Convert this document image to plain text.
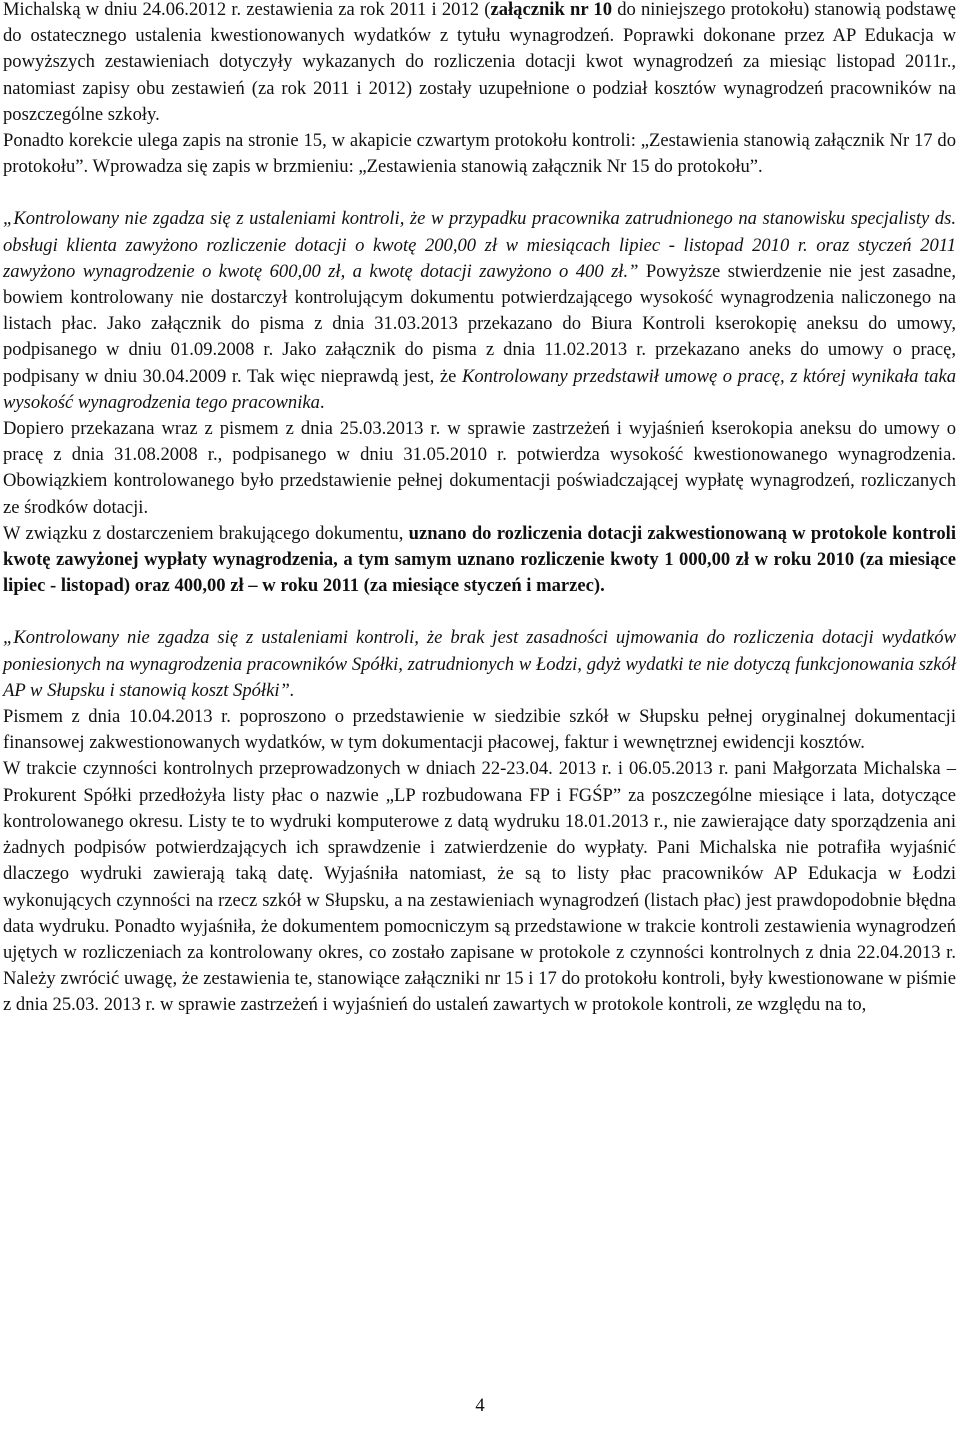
Michalską w dniu 24.06.2012 r. zestawienia za rok 2011 i 2012 (załącznik nr 10 do niniejszego protokołu) stanowią podstawę do ostatecznego ustalenia kwestionowanych wydatków z tytułu wynagrodzeń. Poprawki dokonane przez AP Edukacja w powyższych zestawieniach dotyczyły wykazanych do rozliczenia dotacji kwot wynagrodzeń za miesiąc listopad 2011r., natomiast zapisy obu zestawień (za rok 2011 i 2012) zostały uzupełnione o podział kosztów wynagrodzeń pracowników na poszczególne szkoły.

Ponadto korekcie ulega zapis na stronie 15, w akapicie czwartym protokołu kontroli: „Zestawienia stanowią załącznik Nr 17 do protokołu”. Wprowadza się zapis w brzmieniu: „Zestawienia stanowią załącznik Nr 15 do protokołu”.

„Kontrolowany nie zgadza się z ustaleniami kontroli, że w przypadku pracownika zatrudnionego na stanowisku specjalisty ds. obsługi klienta zawyżono rozliczenie dotacji o kwotę 200,00 zł w miesiącach lipiec - listopad 2010 r. oraz styczeń 2011 zawyżono wynagrodzenie o kwotę 600,00 zł, a kwotę dotacji zawyżono o 400 zł.” Powyższe stwierdzenie nie jest zasadne, bowiem kontrolowany nie dostarczył kontrolującym dokumentu potwierdzającego wysokość wynagrodzenia naliczonego na listach płac. Jako załącznik do pisma z dnia 31.03.2013 przekazano do Biura Kontroli kserokopię aneksu do umowy, podpisanego w dniu 01.09.2008 r. Jako załącznik do pisma z dnia 11.02.2013 r. przekazano aneks do umowy o pracę, podpisany w dniu 30.04.2009 r. Tak więc nieprawdą jest, że Kontrolowany przedstawił umowę o pracę, z której wynikała taka wysokość wynagrodzenia tego pracownika.

Dopiero przekazana wraz z pismem z dnia 25.03.2013 r. w sprawie zastrzeżeń i wyjaśnień kserokopia aneksu do umowy o pracę z dnia 31.08.2008 r., podpisanego w dniu 31.05.2010 r. potwierdza wysokość kwestionowanego wynagrodzenia. Obowiązkiem kontrolowanego było przedstawienie pełnej dokumentacji poświadczającej wypłatę wynagrodzeń, rozliczanych ze środków dotacji.

W związku z dostarczeniem brakującego dokumentu, uznano do rozliczenia dotacji zakwestionowaną w protokole kontroli kwotę zawyżonej wypłaty wynagrodzenia, a tym samym uznano rozliczenie kwoty 1 000,00 zł w roku 2010 (za miesiące lipiec - listopad) oraz 400,00 zł – w roku 2011 (za miesiące styczeń i marzec).

„Kontrolowany nie zgadza się z ustaleniami kontroli, że brak jest zasadności ujmowania do rozliczenia dotacji wydatków poniesionych na wynagrodzenia pracowników Spółki, zatrudnionych w Łodzi, gdyż wydatki te nie dotyczą funkcjonowania szkół AP w Słupsku i stanowią koszt Spółki”.

Pismem z dnia 10.04.2013 r. poproszono o przedstawienie w siedzibie szkół w Słupsku pełnej oryginalnej dokumentacji finansowej zakwestionowanych wydatków, w tym dokumentacji płacowej, faktur i wewnętrznej ewidencji kosztów.

W trakcie czynności kontrolnych przeprowadzonych w dniach 22-23.04. 2013 r. i 06.05.2013 r. pani Małgorzata Michalska – Prokurent Spółki przedłożyła listy płac o nazwie „LP rozbudowana FP i FGŚP” za poszczególne miesiące i lata, dotyczące kontrolowanego okresu. Listy te to wydruki komputerowe z datą wydruku 18.01.2013 r., nie zawierające daty sporządzenia ani żadnych podpisów potwierdzających ich sprawdzenie i zatwierdzenie do wypłaty. Pani Michalska nie potrafiła wyjaśnić dlaczego wydruki zawierają taką datę. Wyjaśniła natomiast, że są to listy płac pracowników AP Edukacja w Łodzi wykonujących czynności na rzecz szkół w Słupsku, a na zestawieniach wynagrodzeń (listach płac) jest prawdopodobnie błędna data wydruku. Ponadto wyjaśniła, że dokumentem pomocniczym są przedstawione w trakcie kontroli zestawienia wynagrodzeń ujętych w rozliczeniach za kontrolowany okres, co zostało zapisane w protokole z czynności kontrolnych z dnia 22.04.2013 r. Należy zwrócić uwagę, że zestawienia te, stanowiące załączniki nr 15 i 17 do protokołu kontroli, były kwestionowane w piśmie z dnia 25.03. 2013 r. w sprawie zastrzeżeń i wyjaśnień do ustaleń zawartych w protokole kontroli, ze względu na to,

4
